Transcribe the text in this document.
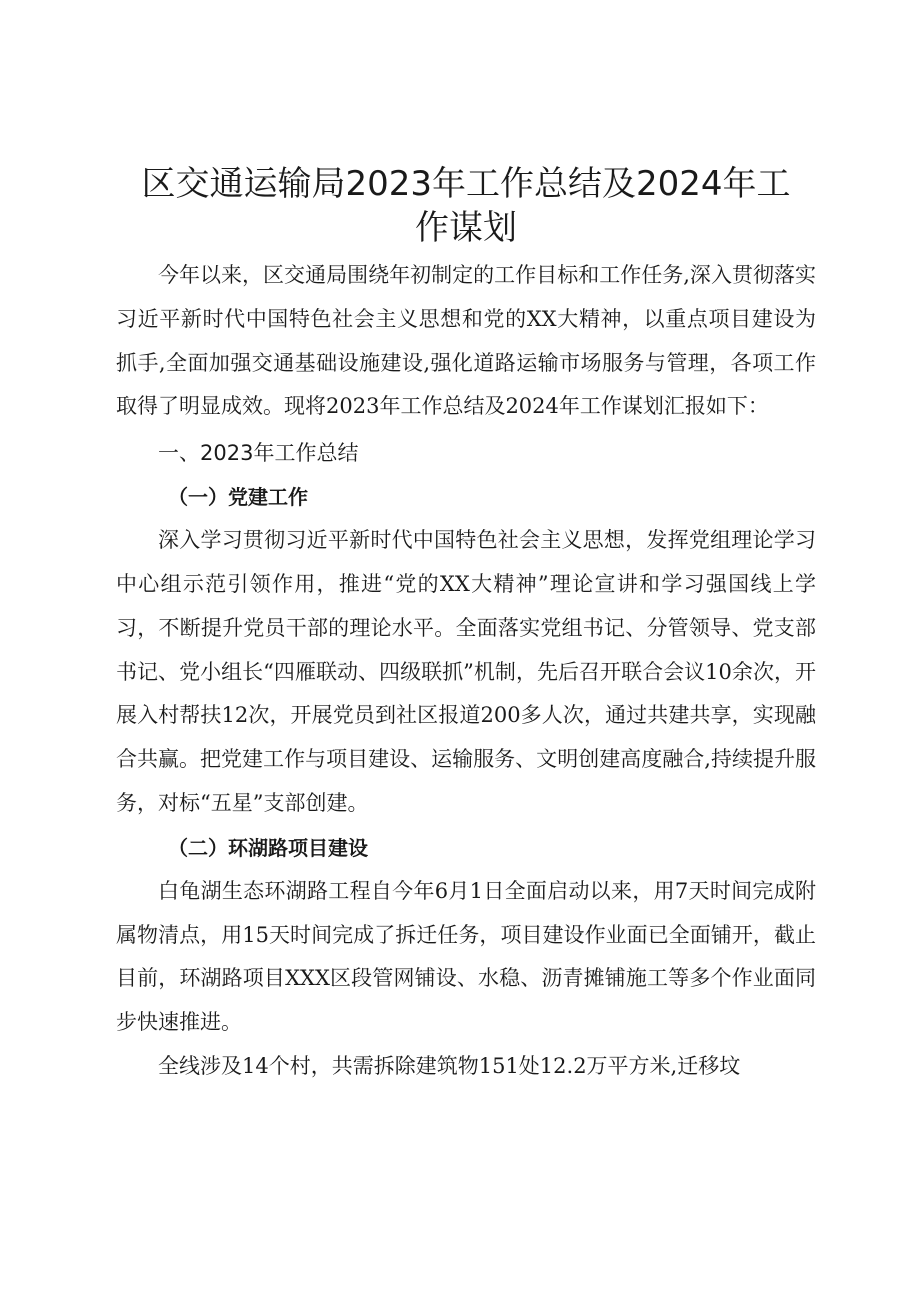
区交通运输局2023年工作总结及2024年工
作谋划

今年以来，区交通局围绕年初制定的工作目标和工作任务,深入贯彻落实习近平新时代中国特色社会主义思想和党的XX大精神，以重点项目建设为抓手,全面加强交通基础设施建设,强化道路运输市场服务与管理，各项工作取得了明显成效。现将2023年工作总结及2024年工作谋划汇报如下：

一、2023年工作总结
（一）党建工作

深入学习贯彻习近平新时代中国特色社会主义思想，发挥党组理论学习中心组示范引领作用，推进“党的XX大精神”理论宣讲和学习强国线上学习，不断提升党员干部的理论水平。全面落实党组书记、分管领导、党支部书记、党小组长“四雁联动、四级联抓”机制，先后召开联合会议10余次，开展入村帮扶12次，开展党员到社区报道200多人次，通过共建共享，实现融合共赢。把党建工作与项目建设、运输服务、文明创建高度融合,持续提升服务，对标“五星”支部创建。

（二）环湖路项目建设

白龟湖生态环湖路工程自今年6月1日全面启动以来，用7天时间完成附属物清点，用15天时间完成了拆迁任务，项目建设作业面已全面铺开，截止目前，环湖路项目XXX区段管网铺设、水稳、沥青摊铺施工等多个作业面同步快速推进。

全线涉及14个村，共需拆除建筑物151处12.2万平方米,迁移坟
